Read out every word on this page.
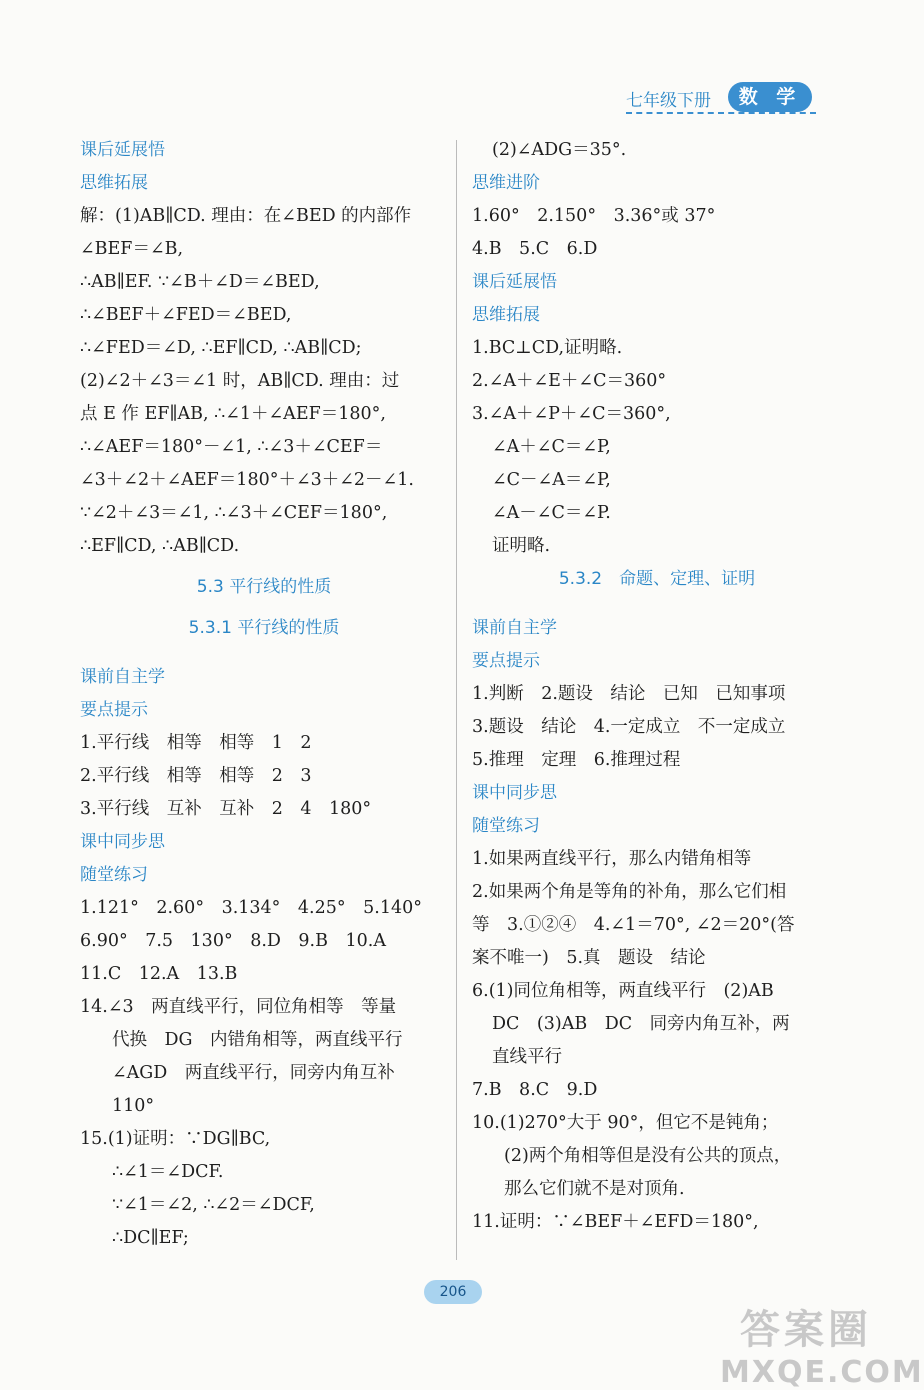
七年级下册	数 学
课后延展悟
思维拓展
解：(1)AB∥CD. 理由：在∠BED 的内部作
∠BEF＝∠B,
∴AB∥EF. ∵∠B＋∠D＝∠BED,
∴∠BEF＋∠FED＝∠BED,
∴∠FED＝∠D, ∴EF∥CD, ∴AB∥CD;
(2)∠2＋∠3＝∠1 时，AB∥CD. 理由：过
点 E 作 EF∥AB, ∴∠1＋∠AEF＝180°,
∴∠AEF＝180°－∠1, ∴∠3＋∠CEF＝
∠3＋∠2＋∠AEF＝180°＋∠3＋∠2－∠1.
∵∠2＋∠3＝∠1, ∴∠3＋∠CEF＝180°,
∴EF∥CD, ∴AB∥CD.
5.3 平行线的性质
5.3.1 平行线的性质
课前自主学
要点提示
1.平行线　相等　相等　1　2
2.平行线　相等　相等　2　3
3.平行线　互补　互补　2　4　180°
课中同步思
随堂练习
1.121°　2.60°　3.134°　4.25°　5.140°
6.90°　7.5　130°　8.D　9.B　10.A
11.C　12.A　13.B
14.∠3　两直线平行，同位角相等　等量
代换　DG　内错角相等，两直线平行
∠AGD　两直线平行，同旁内角互补
110°
15.(1)证明：∵DG∥BC,
∴∠1＝∠DCF.
∵∠1＝∠2, ∴∠2＝∠DCF,
∴DC∥EF;
(2)∠ADG＝35°.
思维进阶
1.60°　2.150°　3.36°或 37°
4.B　5.C　6.D
课后延展悟
思维拓展
1.BC⊥CD,证明略.
2.∠A＋∠E＋∠C＝360°
3.∠A＋∠P＋∠C＝360°,
∠A＋∠C＝∠P,
∠C－∠A＝∠P,
∠A－∠C＝∠P.
证明略.
5.3.2　命题、定理、证明
课前自主学
要点提示
1.判断　2.题设　结论　已知　已知事项
3.题设　结论　4.一定成立　不一定成立
5.推理　定理　6.推理过程
课中同步思
随堂练习
1.如果两直线平行，那么内错角相等
2.如果两个角是等角的补角，那么它们相
等　3.①②④　4.∠1＝70°, ∠2＝20°(答
案不唯一)　5.真　题设　结论
6.(1)同位角相等，两直线平行　(2)AB
DC　(3)AB　DC　同旁内角互补，两
直线平行
7.B　8.C　9.D
10.(1)270°大于 90°，但它不是钝角；
(2)两个角相等但是没有公共的顶点，
那么它们就不是对顶角.
11.证明：∵∠BEF＋∠EFD＝180°,
206
答案圈
MXQE.COM
